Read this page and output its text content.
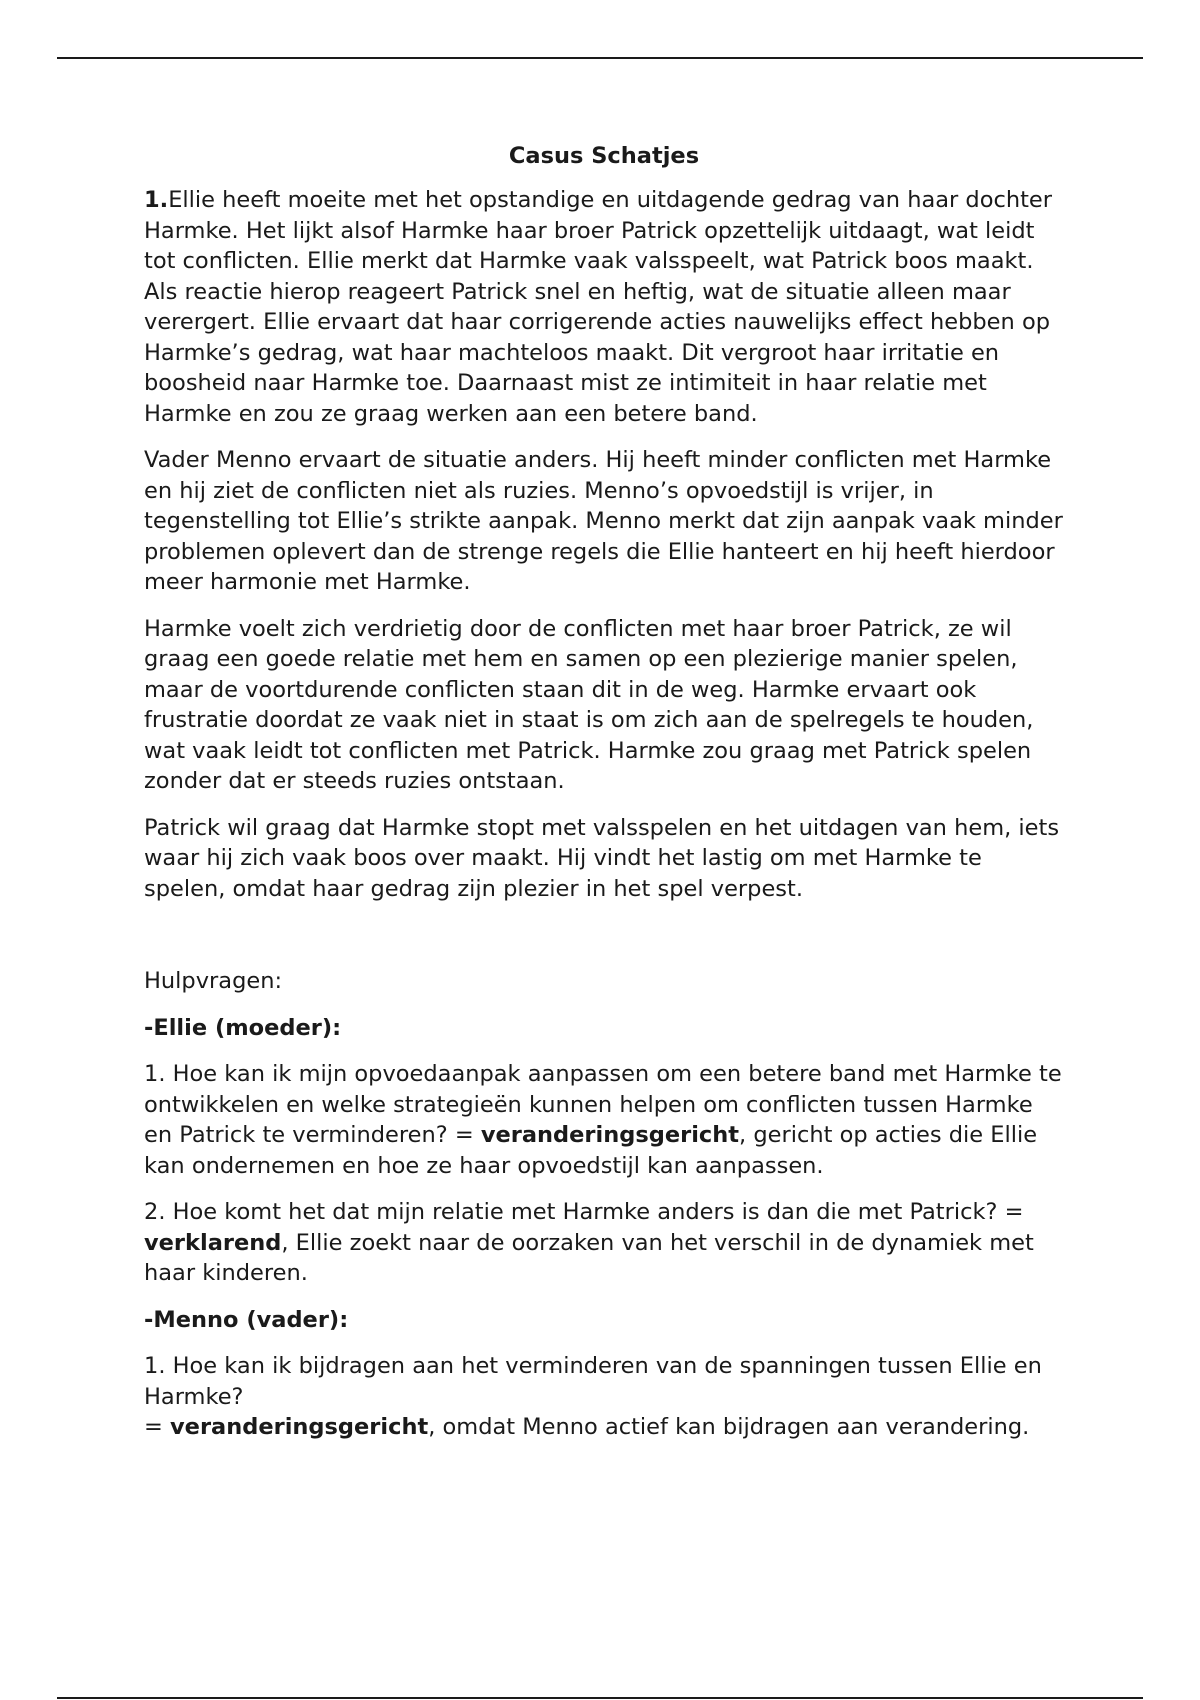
Casus Schatjes

1.Ellie heeft moeite met het opstandige en uitdagende gedrag van haar dochter Harmke. Het lijkt alsof Harmke haar broer Patrick opzettelijk uitdaagt, wat leidt tot conflicten. Ellie merkt dat Harmke vaak valsspeelt, wat Patrick boos maakt. Als reactie hierop reageert Patrick snel en heftig, wat de situatie alleen maar verergert. Ellie ervaart dat haar corrigerende acties nauwelijks effect hebben op Harmke’s gedrag, wat haar machteloos maakt. Dit vergroot haar irritatie en boosheid naar Harmke toe. Daarnaast mist ze intimiteit in haar relatie met Harmke en zou ze graag werken aan een betere band.

Vader Menno ervaart de situatie anders. Hij heeft minder conflicten met Harmke en hij ziet de conflicten niet als ruzies. Menno’s opvoedstijl is vrijer, in tegenstelling tot Ellie’s strikte aanpak. Menno merkt dat zijn aanpak vaak minder problemen oplevert dan de strenge regels die Ellie hanteert en hij heeft hierdoor meer harmonie met Harmke.

Harmke voelt zich verdrietig door de conflicten met haar broer Patrick, ze wil graag een goede relatie met hem en samen op een plezierige manier spelen, maar de voortdurende conflicten staan dit in de weg. Harmke ervaart ook frustratie doordat ze vaak niet in staat is om zich aan de spelregels te houden, wat vaak leidt tot conflicten met Patrick. Harmke zou graag met Patrick spelen zonder dat er steeds ruzies ontstaan.

Patrick wil graag dat Harmke stopt met valsspelen en het uitdagen van hem, iets waar hij zich vaak boos over maakt. Hij vindt het lastig om met Harmke te spelen, omdat haar gedrag zijn plezier in het spel verpest.

Hulpvragen:

-Ellie (moeder):

1. Hoe kan ik mijn opvoedaanpak aanpassen om een betere band met Harmke te ontwikkelen en welke strategieën kunnen helpen om conflicten tussen Harmke en Patrick te verminderen? = veranderingsgericht, gericht op acties die Ellie kan ondernemen en hoe ze haar opvoedstijl kan aanpassen.

2. Hoe komt het dat mijn relatie met Harmke anders is dan die met Patrick? = verklarend, Ellie zoekt naar de oorzaken van het verschil in de dynamiek met haar kinderen.

-Menno (vader):

1. Hoe kan ik bijdragen aan het verminderen van de spanningen tussen Ellie en Harmke?
= veranderingsgericht, omdat Menno actief kan bijdragen aan verandering.
